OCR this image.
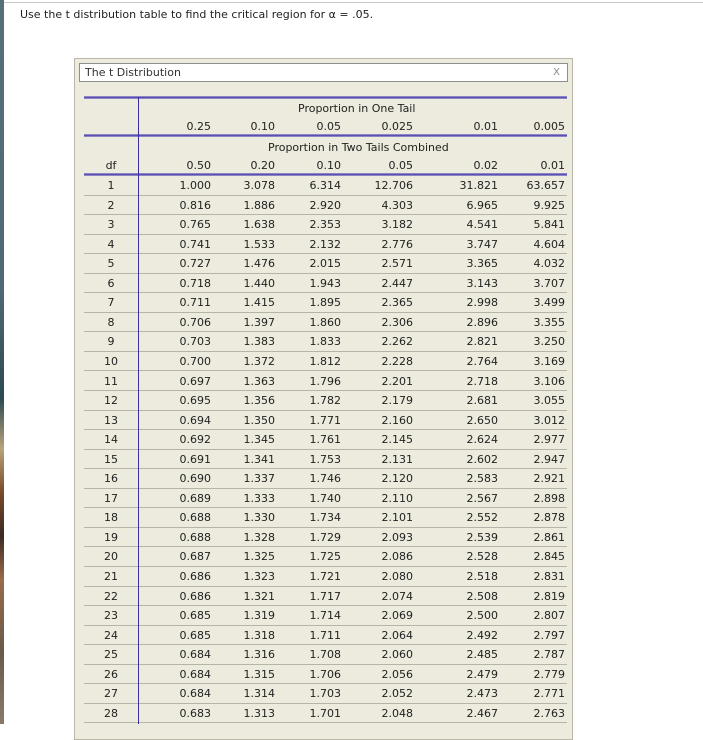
Use the t distribution table to find the critical region for α = .05.
The t Distribution	X
Proportion in One Tail
0.25	0.10	0.05	0.025	0.01	0.005
Proportion in Two Tails Combined
df	0.50	0.20	0.10	0.05	0.02	0.01
1	1.000	3.078	6.314	12.706	31.821	63.657
2	0.816	1.886	2.920	4.303	6.965	9.925
3	0.765	1.638	2.353	3.182	4.541	5.841
4	0.741	1.533	2.132	2.776	3.747	4.604
5	0.727	1.476	2.015	2.571	3.365	4.032
6	0.718	1.440	1.943	2.447	3.143	3.707
7	0.711	1.415	1.895	2.365	2.998	3.499
8	0.706	1.397	1.860	2.306	2.896	3.355
9	0.703	1.383	1.833	2.262	2.821	3.250
10	0.700	1.372	1.812	2.228	2.764	3.169
11	0.697	1.363	1.796	2.201	2.718	3.106
12	0.695	1.356	1.782	2.179	2.681	3.055
13	0.694	1.350	1.771	2.160	2.650	3.012
14	0.692	1.345	1.761	2.145	2.624	2.977
15	0.691	1.341	1.753	2.131	2.602	2.947
16	0.690	1.337	1.746	2.120	2.583	2.921
17	0.689	1.333	1.740	2.110	2.567	2.898
18	0.688	1.330	1.734	2.101	2.552	2.878
19	0.688	1.328	1.729	2.093	2.539	2.861
20	0.687	1.325	1.725	2.086	2.528	2.845
21	0.686	1.323	1.721	2.080	2.518	2.831
22	0.686	1.321	1.717	2.074	2.508	2.819
23	0.685	1.319	1.714	2.069	2.500	2.807
24	0.685	1.318	1.711	2.064	2.492	2.797
25	0.684	1.316	1.708	2.060	2.485	2.787
26	0.684	1.315	1.706	2.056	2.479	2.779
27	0.684	1.314	1.703	2.052	2.473	2.771
28	0.683	1.313	1.701	2.048	2.467	2.763
